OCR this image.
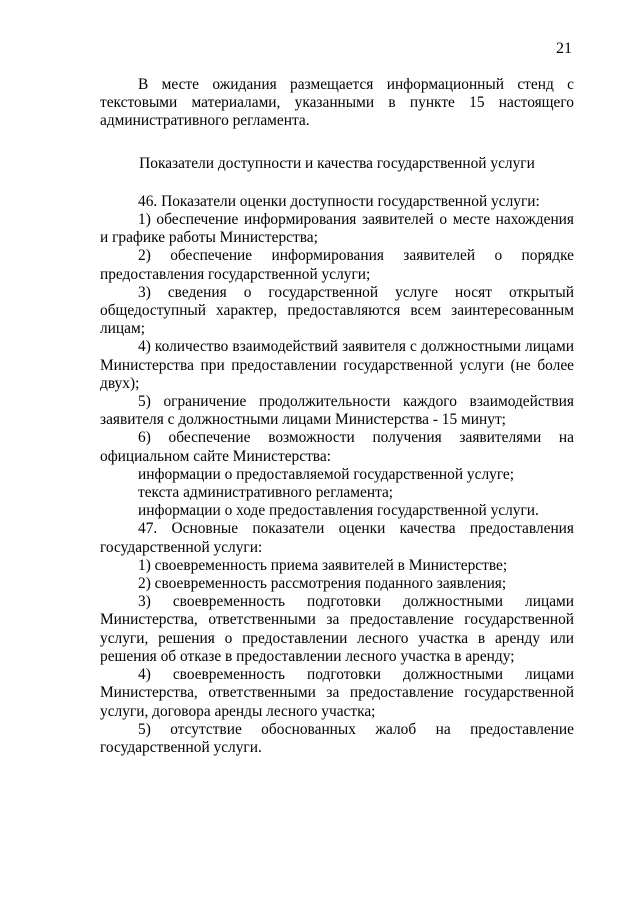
21

В месте ожидания размещается информационный стенд с текстовыми материалами, указанными в пункте 15 настоящего административного регламента.

Показатели доступности и качества государственной услуги

46. Показатели оценки доступности государственной услуги:

1) обеспечение информирования заявителей о месте нахождения и графике работы Министерства;

2) обеспечение информирования заявителей о порядке предоставления государственной услуги;

3) сведения о государственной услуге носят открытый общедоступный характер, предоставляются всем заинтересованным лицам;

4) количество взаимодействий заявителя с должностными лицами Министерства при предоставлении государственной услуги (не более двух);

5) ограничение продолжительности каждого взаимодействия заявителя с должностными лицами Министерства - 15 минут;

6) обеспечение возможности получения заявителями на официальном сайте Министерства:

информации о предоставляемой государственной услуге;

текста административного регламента;

информации о ходе предоставления государственной услуги.

47. Основные показатели оценки качества предоставления государственной услуги:

1) своевременность приема заявителей в Министерстве;

2) своевременность рассмотрения поданного заявления;

3) своевременность подготовки должностными лицами Министерства, ответственными за предоставление государственной услуги, решения о предоставлении лесного участка в аренду или решения об отказе в предоставлении лесного участка в аренду;

4) своевременность подготовки должностными лицами Министерства, ответственными за предоставление государственной услуги, договора аренды лесного участка;

5) отсутствие обоснованных жалоб на предоставление государственной услуги.
